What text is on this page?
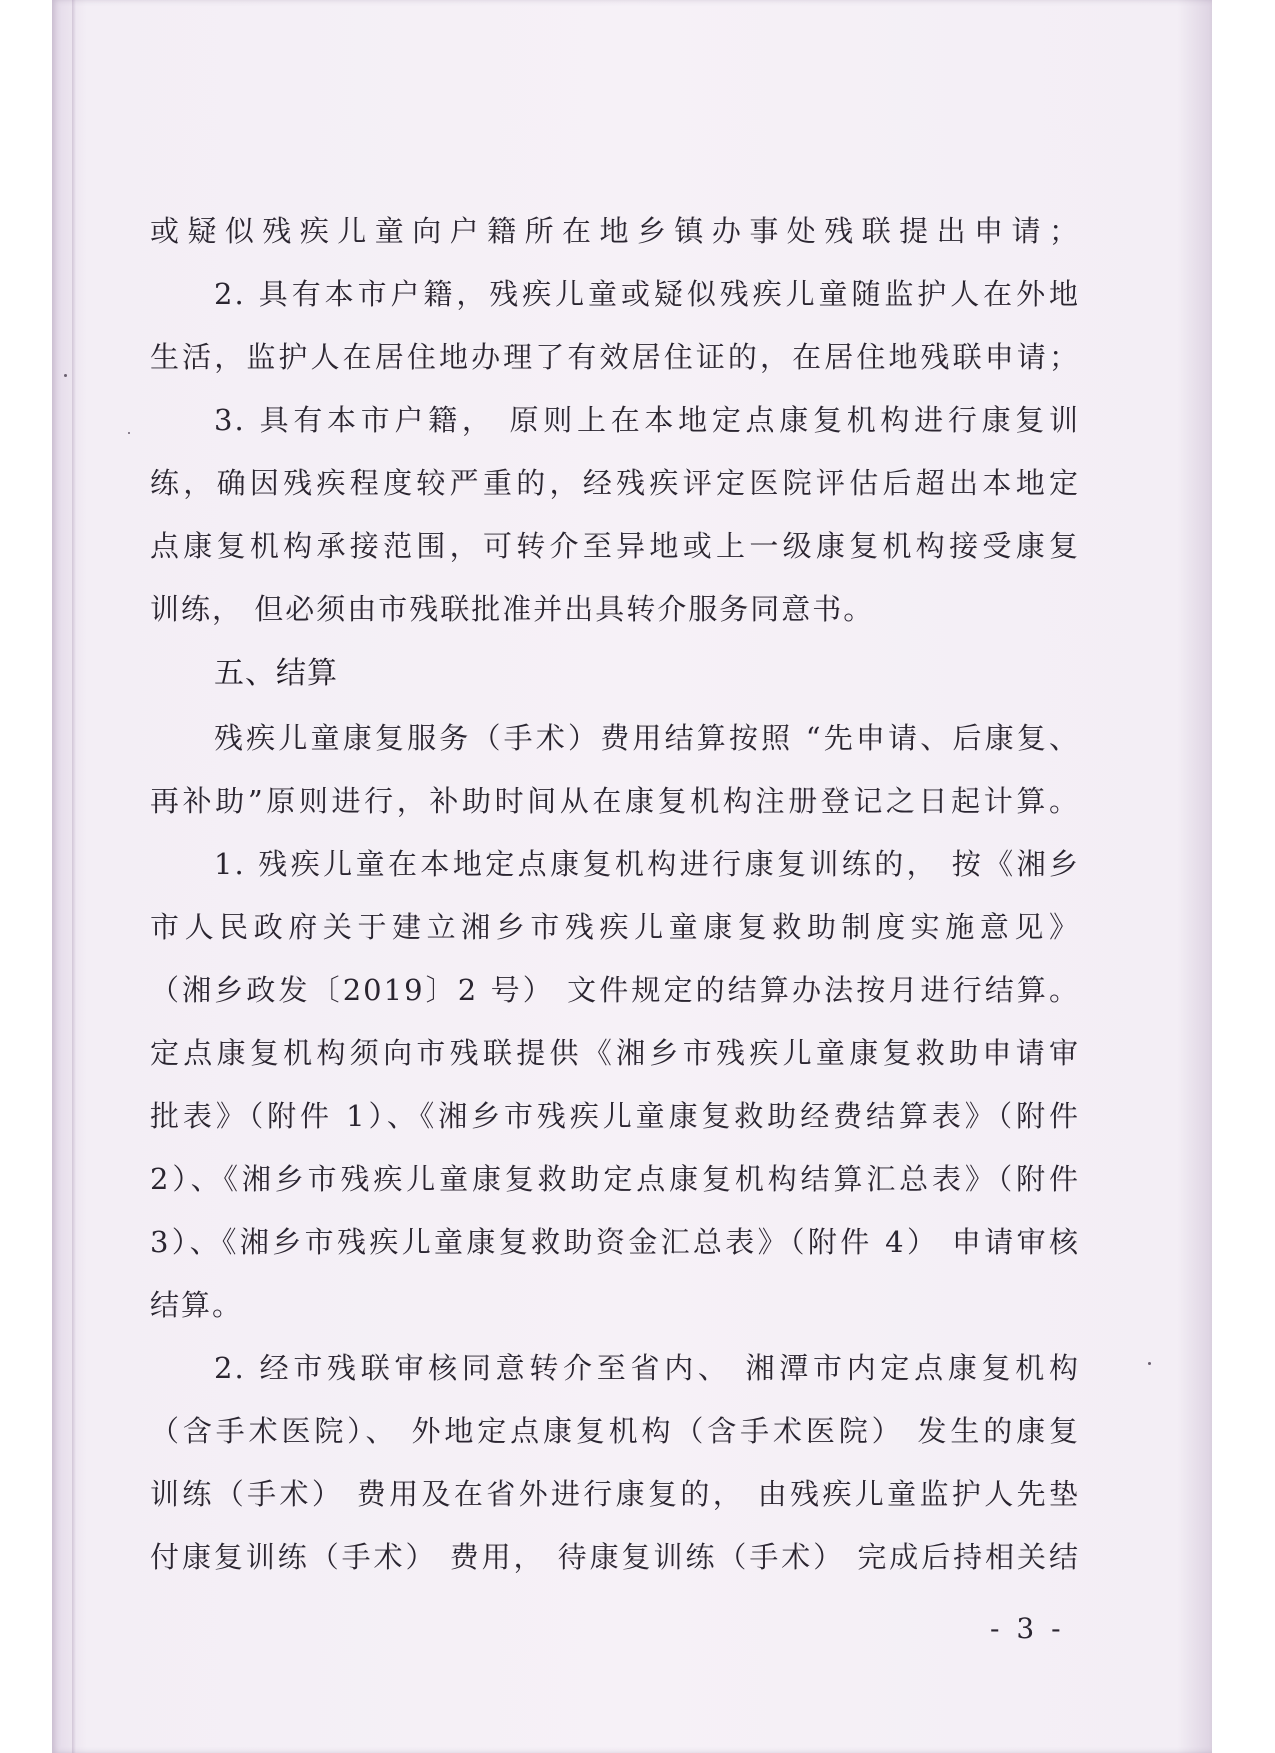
或疑似残疾儿童向户籍所在地乡镇办事处残联提出申请；
2. 具有本市户籍，残疾儿童或疑似残疾儿童随监护人在外地
生活，监护人在居住地办理了有效居住证的，在居住地残联申请；
3. 具有本市户籍， 原则上在本地定点康复机构进行康复训
练，确因残疾程度较严重的，经残疾评定医院评估后超出本地定
点康复机构承接范围，可转介至异地或上一级康复机构接受康复
训练， 但必须由市残联批准并出具转介服务同意书。
五、结算
残疾儿童康复服务（手术）费用结算按照 “先申请、后康复、
再补助”原则进行，补助时间从在康复机构注册登记之日起计算。
1. 残疾儿童在本地定点康复机构进行康复训练的， 按《湘乡
市人民政府关于建立湘乡市残疾儿童康复救助制度实施意见》
（湘乡政发〔2019〕2 号） 文件规定的结算办法按月进行结算。
定点康复机构须向市残联提供《湘乡市残疾儿童康复救助申请审
批表》（附件 1）、《湘乡市残疾儿童康复救助经费结算表》（附件
2）、《湘乡市残疾儿童康复救助定点康复机构结算汇总表》（附件
3）、《湘乡市残疾儿童康复救助资金汇总表》（附件 4） 申请审核
结算。
2. 经市残联审核同意转介至省内、 湘潭市内定点康复机构
（含手术医院）、 外地定点康复机构（含手术医院） 发生的康复
训练（手术） 费用及在省外进行康复的， 由残疾儿童监护人先垫
付康复训练（手术） 费用， 待康复训练（手术） 完成后持相关结
- 3 -
